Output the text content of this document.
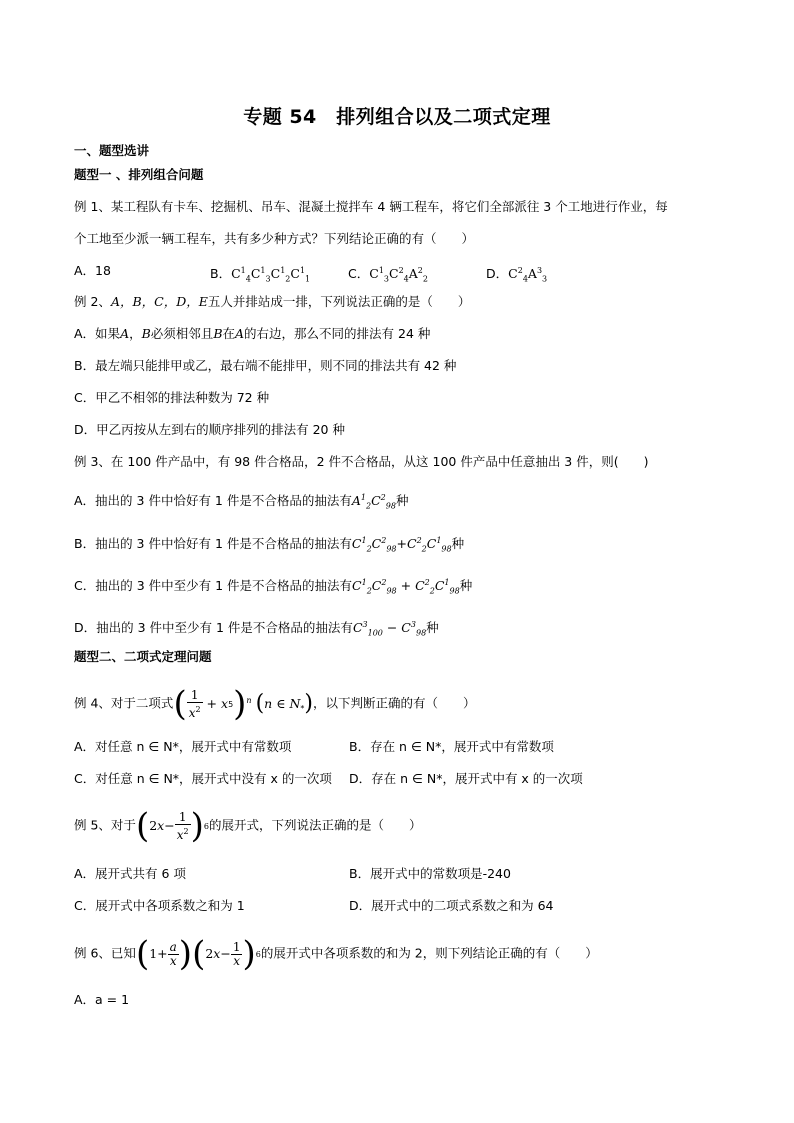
专题 54　排列组合以及二项式定理
一、题型选讲
题型一 、排列组合问题
例 1、某工程队有卡车、挖掘机、吊车、混凝土搅拌车 4 辆工程车，将它们全部派往 3 个工地进行作业，每
个工地至少派一辆工程车，共有多少种方式？下列结论正确的有（　　）
A．18	B．$C^1_4C^1_3C^1_2C^1_1$	C．$C^1_3C^2_4A^2_2$	D．$C^2_4A^3_3$
例 2、A，B，C，D，E五人并排站成一排，下列说法正确的是（　　）
A．如果A，B必须相邻且B在A的右边，那么不同的排法有 24 种
B．最左端只能排甲或乙，最右端不能排甲，则不同的排法共有 42 种
C．甲乙不相邻的排法种数为 72 种
D．甲乙丙按从左到右的顺序排列的排法有 20 种
例 3、在 100 件产品中，有 98 件合格品，2 件不合格品，从这 100 件产品中任意抽出 3 件，则(　　)
A．抽出的 3 件中恰好有 1 件是不合格品的抽法有$A^1_2C^2_{98}$种
B．抽出的 3 件中恰好有 1 件是不合格品的抽法有$C^1_2C^2_{98}+C^2_2C^1_{98}$种
C．抽出的 3 件中至少有 1 件是不合格品的抽法有$C^1_2C^2_{98} + C^2_2C^1_{98}$种
D．抽出的 3 件中至少有 1 件是不合格品的抽法有$C^3_{100} - C^3_{98}$种
题型二、二项式定理问题
例 4、对于二项式 ( $\frac{1}{x^2} + x$ 5 )$^n$ ( n ∈ $N_*$ ) ，以下判断正确的有（　　）
A．对任意 n ∈ N*，展开式中有常数项	B．存在 n ∈ N*，展开式中有常数项
C．对任意 n ∈ N*，展开式中没有 x 的一次项 D．存在 n ∈ N*，展开式中有 x 的一次项
例 5、对于 ( 2 $x - \frac{1}{x^2}$ ) 6 的展开式，下列说法正确的是（　　）
A．展开式共有 6 项	B．展开式中的常数项是-240
C．展开式中各项系数之和为 1	D．展开式中的二项式系数之和为 64
例 6、已知 ( $1+ \frac{a}{x}$ ) ( 2 $x - \frac{1}{x}$ ) 6 的展开式中各项系数的和为 2，则下列结论正确的有（　　）
A．a = 1
